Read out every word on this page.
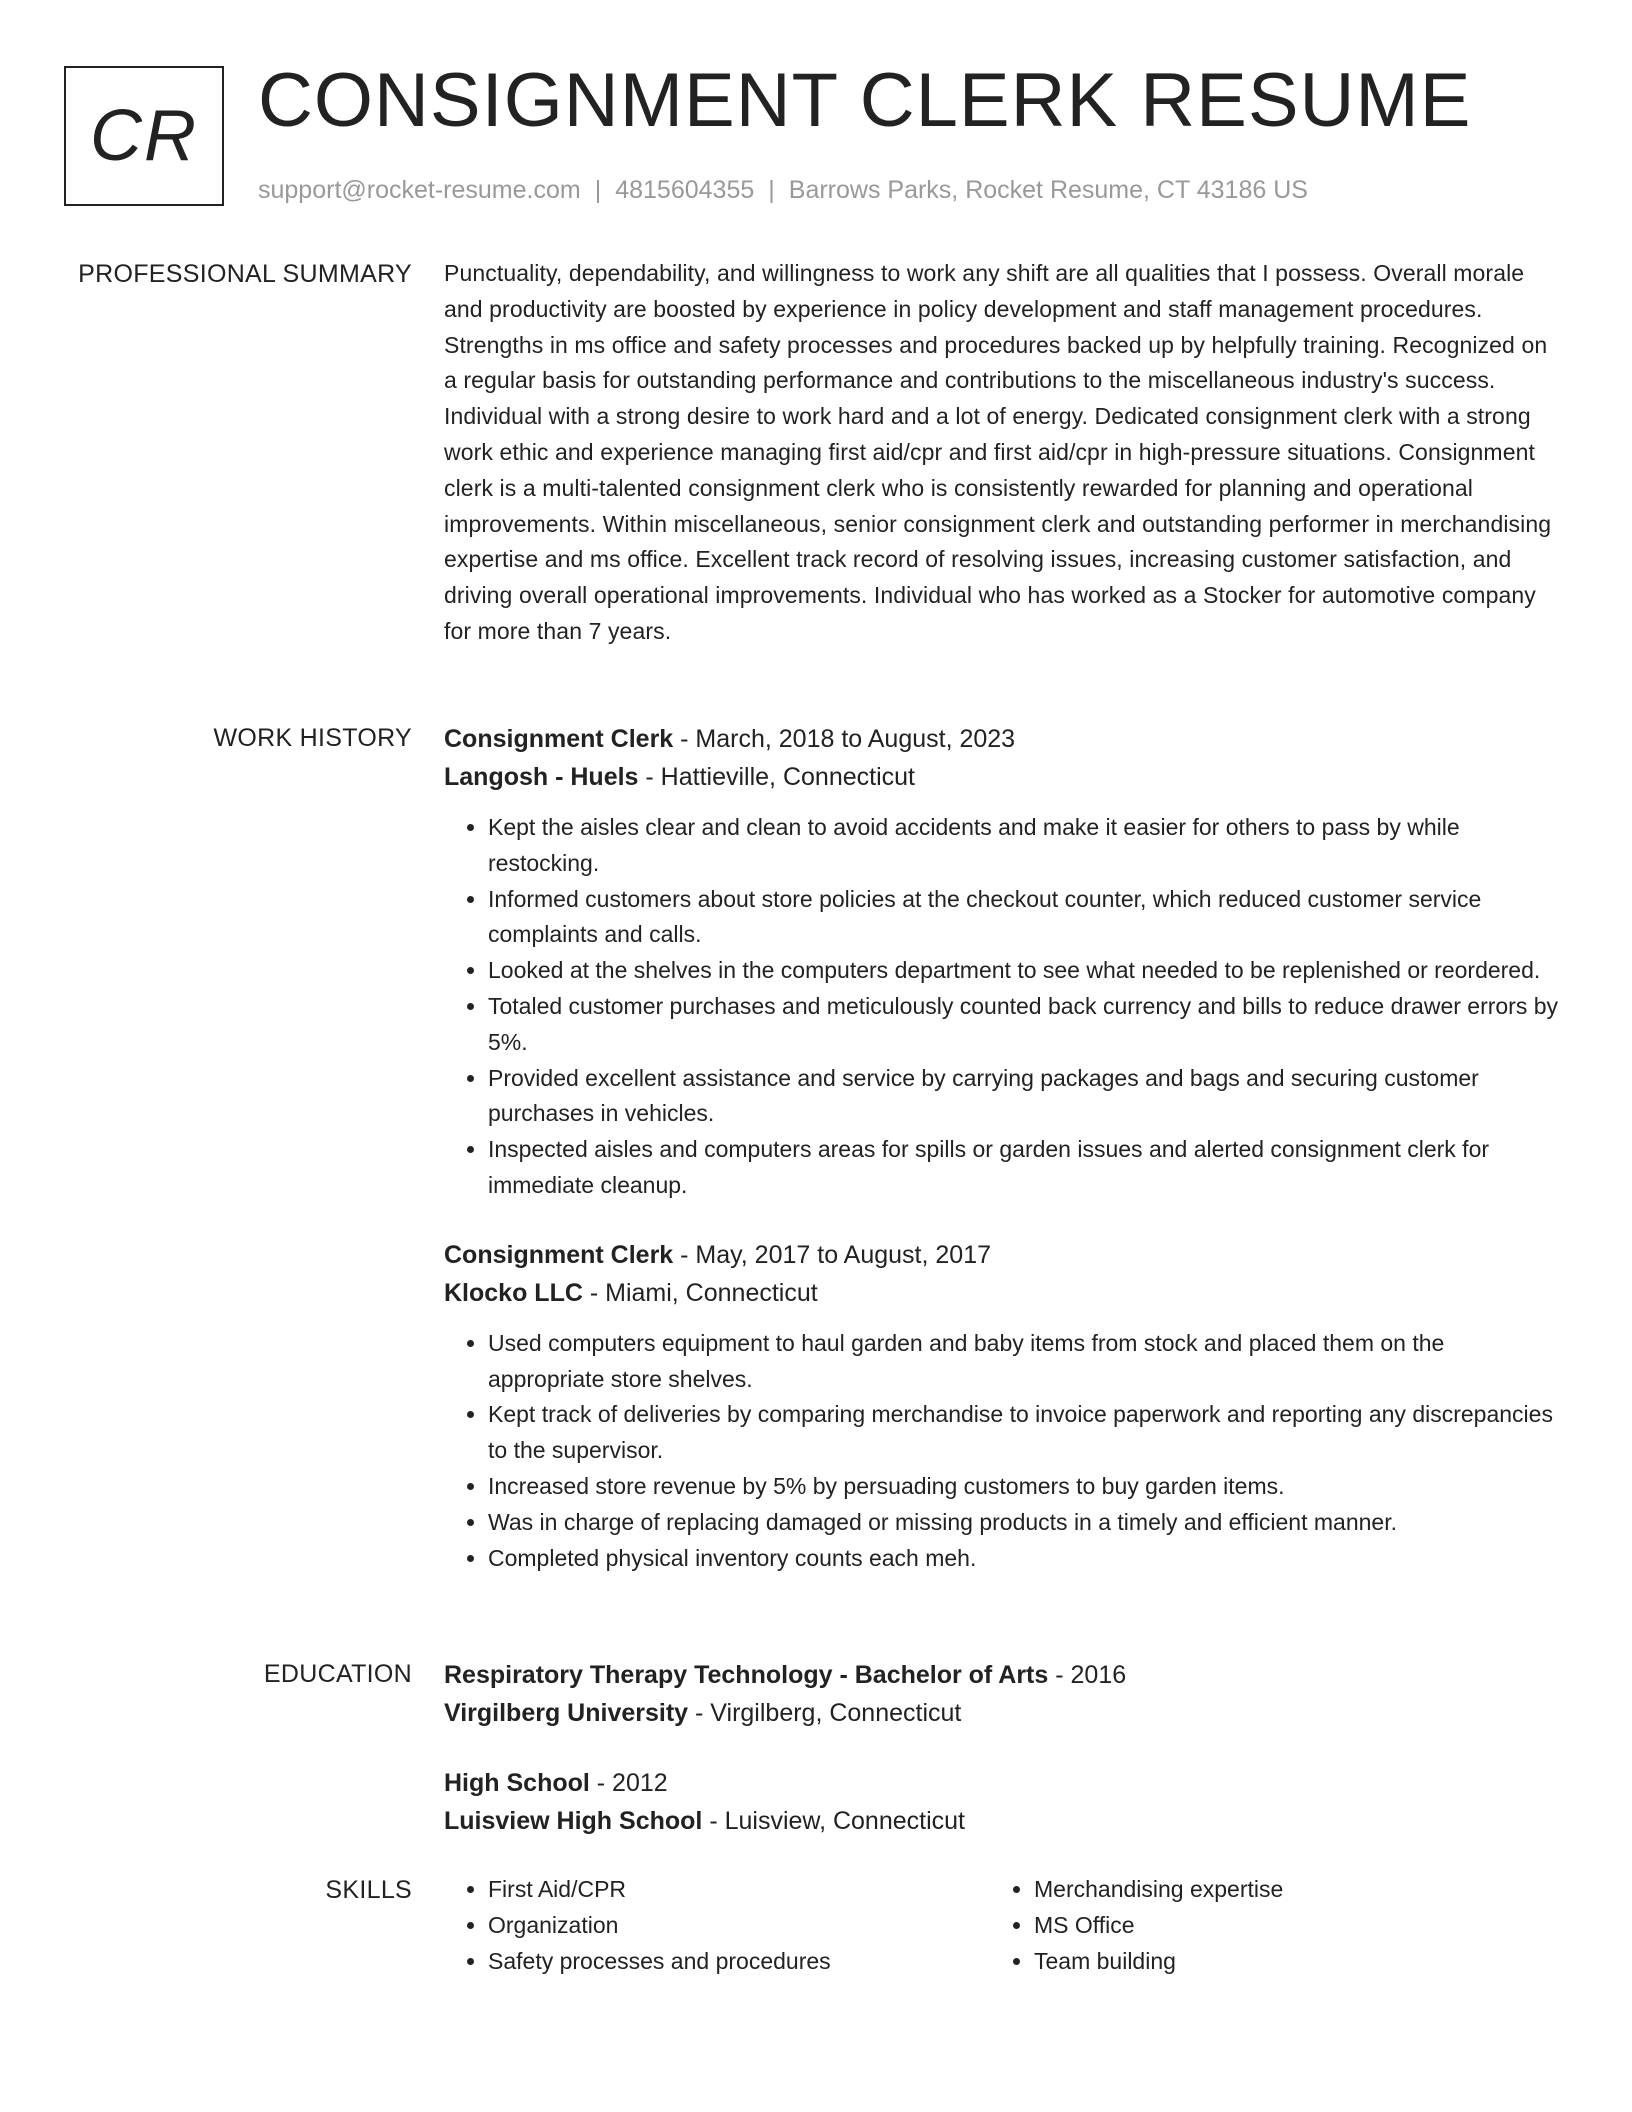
CR CONSIGNMENT CLERK RESUME
support@rocket-resume.com | 4815604355 | Barrows Parks, Rocket Resume, CT 43186 US
PROFESSIONAL SUMMARY Punctuality, dependability, and willingness to work any shift are all qualities that I possess. Overall morale and productivity are boosted by experience in policy development and staff management procedures. Strengths in ms office and safety processes and procedures backed up by helpfully training. Recognized on a regular basis for outstanding performance and contributions to the miscellaneous industry's success. Individual with a strong desire to work hard and a lot of energy. Dedicated consignment clerk with a strong work ethic and experience managing first aid/cpr and first aid/cpr in high-pressure situations. Consignment clerk is a multi-talented consignment clerk who is consistently rewarded for planning and operational improvements. Within miscellaneous, senior consignment clerk and outstanding performer in merchandising expertise and ms office. Excellent track record of resolving issues, increasing customer satisfaction, and driving overall operational improvements. Individual who has worked as a Stocker for automotive company for more than 7 years.

WORK HISTORY Consignment Clerk - March, 2018 to August, 2023
Langosh - Huels - Hattieville, Connecticut
• Kept the aisles clear and clean to avoid accidents and make it easier for others to pass by while restocking.
• Informed customers about store policies at the checkout counter, which reduced customer service complaints and calls.
• Looked at the shelves in the computers department to see what needed to be replenished or reordered.
• Totaled customer purchases and meticulously counted back currency and bills to reduce drawer errors by 5%.
• Provided excellent assistance and service by carrying packages and bags and securing customer purchases in vehicles.
• Inspected aisles and computers areas for spills or garden issues and alerted consignment clerk for immediate cleanup.
Consignment Clerk - May, 2017 to August, 2017
Klocko LLC - Miami, Connecticut
• Used computers equipment to haul garden and baby items from stock and placed them on the appropriate store shelves.
• Kept track of deliveries by comparing merchandise to invoice paperwork and reporting any discrepancies to the supervisor.
• Increased store revenue by 5% by persuading customers to buy garden items.
• Was in charge of replacing damaged or missing products in a timely and efficient manner.
• Completed physical inventory counts each meh.
EDUCATION Respiratory Therapy Technology - Bachelor of Arts - 2016
Virgilberg University - Virgilberg, Connecticut
High School - 2012
Luisview High School - Luisview, Connecticut
SKILLS
•	First Aid/CPR
• Organization
• Safety processes and procedures
• Merchandising expertise
• MS Office
• Team building
